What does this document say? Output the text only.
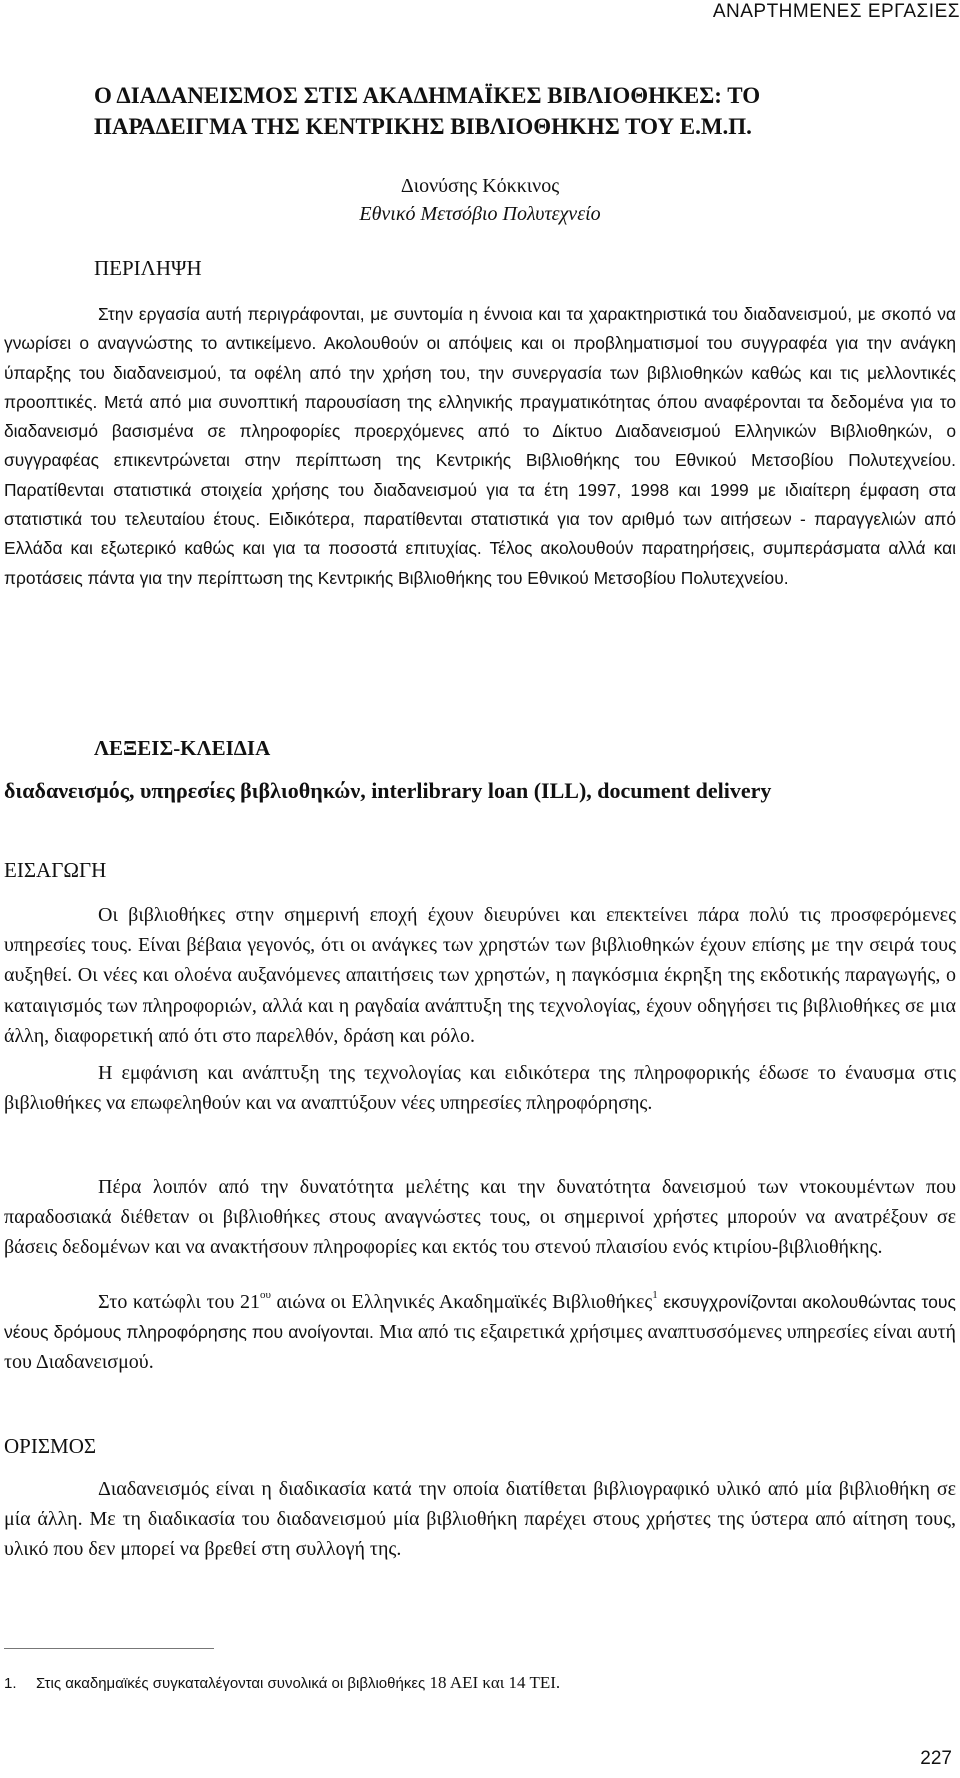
ΑΝΑΡΤΗΜΕΝΕΣ ΕΡΓΑΣΙΕΣ
Ο ΔΙΑΔΑΝΕΙΣΜΟΣ ΣΤΙΣ ΑΚΑΔΗΜΑΪΚΕΣ ΒΙΒΛΙΟΘΗΚΕΣ: ΤΟ
ΠΑΡΑΔΕΙΓΜΑ ΤΗΣ ΚΕΝΤΡΙΚΗΣ ΒΙΒΛΙΟΘΗΚΗΣ ΤΟΥ Ε.Μ.Π.
Διονύσης Κόκκινος
Εθνικό Μετσόβιο Πολυτεχνείο
ΠΕΡΙΛΗΨΗ

Στην εργασία αυτή περιγράφονται, με συντομία η έννοια και τα χαρακτηριστικά του διαδανεισμού, με σκοπό να γνωρίσει ο αναγνώστης το αντικείμενο. Ακολουθούν οι απόψεις και οι προβληματισμοί του συγγραφέα για την ανάγκη ύπαρξης του διαδανεισμού, τα οφέλη από την χρήση του, την συνεργασία των βιβλιοθηκών καθώς και τις μελλοντικές προοπτικές. Μετά από μια συνοπτική παρουσίαση της ελληνικής πραγματικότητας όπου αναφέρονται τα δεδομένα για το διαδανεισμό βασισμένα σε πληροφορίες προερχόμενες από το Δίκτυο Διαδανεισμού Ελληνικών Βιβλιοθηκών, ο συγγραφέας επικεντρώνεται στην περίπτωση της Κεντρικής Βιβλιοθήκης του Εθνικού Μετσοβίου Πολυτεχνείου. Παρατίθενται στατιστικά στοιχεία χρήσης του διαδανεισμού για τα έτη 1997, 1998 και 1999 με ιδιαίτερη έμφαση στα στατιστικά του τελευταίου έτους. Ειδικότερα, παρατίθενται στατιστικά για τον αριθμό των αιτήσεων - παραγγελιών από Ελλάδα και εξωτερικό καθώς και για τα ποσοστά επιτυχίας. Τέλος ακολουθούν παρατηρήσεις, συμπεράσματα αλλά και προτάσεις πάντα για την περίπτωση της Κεντρικής Βιβλιοθήκης του Εθνικού Μετσοβίου Πολυτεχνείου.

ΛΕΞΕΙΣ-ΚΛΕΙΔΙΑ
διαδανεισμός, υπηρεσίες βιβλιοθηκών, interlibrary loan (ILL), document delivery
ΕΙΣΑΓΩΓΗ

Οι βιβλιοθήκες στην σημερινή εποχή έχουν διευρύνει και επεκτείνει πάρα πολύ τις προσφερόμενες υπηρεσίες τους. Είναι βέβαια γεγονός, ότι οι ανάγκες των χρηστών των βιβλιοθηκών έχουν επίσης με την σειρά τους αυξηθεί. Οι νέες και ολοένα αυξανόμενες απαιτήσεις των χρηστών, η παγκόσμια έκρηξη της εκδοτικής παραγωγής, ο καταιγισμός των πληροφοριών, αλλά και η ραγδαία ανάπτυξη της τεχνολογίας, έχουν οδηγήσει τις βιβλιοθήκες σε μια άλλη, διαφορετική από ότι στο παρελθόν, δράση και ρόλο.

Η εμφάνιση και ανάπτυξη της τεχνολογίας και ειδικότερα της πληροφορικής έδωσε το έναυσμα στις βιβλιοθήκες να επωφεληθούν και να αναπτύξουν νέες υπηρεσίες πληροφόρησης.

Πέρα λοιπόν από την δυνατότητα μελέτης και την δυνατότητα δανεισμού των ντοκουμέντων που παραδοσιακά διέθεταν οι βιβλιοθήκες στους αναγνώστες τους, οι σημερινοί χρήστες μπορούν να ανατρέξουν σε βάσεις δεδομένων και να ανακτήσουν πληροφορίες και εκτός του στενού πλαισίου ενός κτιρίου-βιβλιοθήκης.

Στο κατώφλι του $21^{o\upsilon}$ αιώνα οι Ελληνικές Ακαδημαϊκές Βιβλιοθήκες$^1$ εκσυγχρονίζονται ακολουθώντας τους νέους δρόμους πληροφόρησης που ανοίγονται. Μια από τις εξαιρετικά χρήσιμες αναπτυσσόμενες υπηρεσίες είναι αυτή του Διαδανεισμού.

ΟΡΙΣΜΟΣ

Διαδανεισμός είναι η διαδικασία κατά την οποία διατίθεται βιβλιογραφικό υλικό από μία βιβλιοθήκη σε μία άλλη. Με τη διαδικασία του διαδανεισμού μία βιβλιοθήκη παρέχει στους χρήστες της ύστερα από αίτηση τους, υλικό που δεν μπορεί να βρεθεί στη συλλογή της.

1. Στις ακαδημαϊκές συγκαταλέγονται συνολικά οι βιβλιοθήκες 18 ΑΕΙ και 14 ΤΕΙ.
227
